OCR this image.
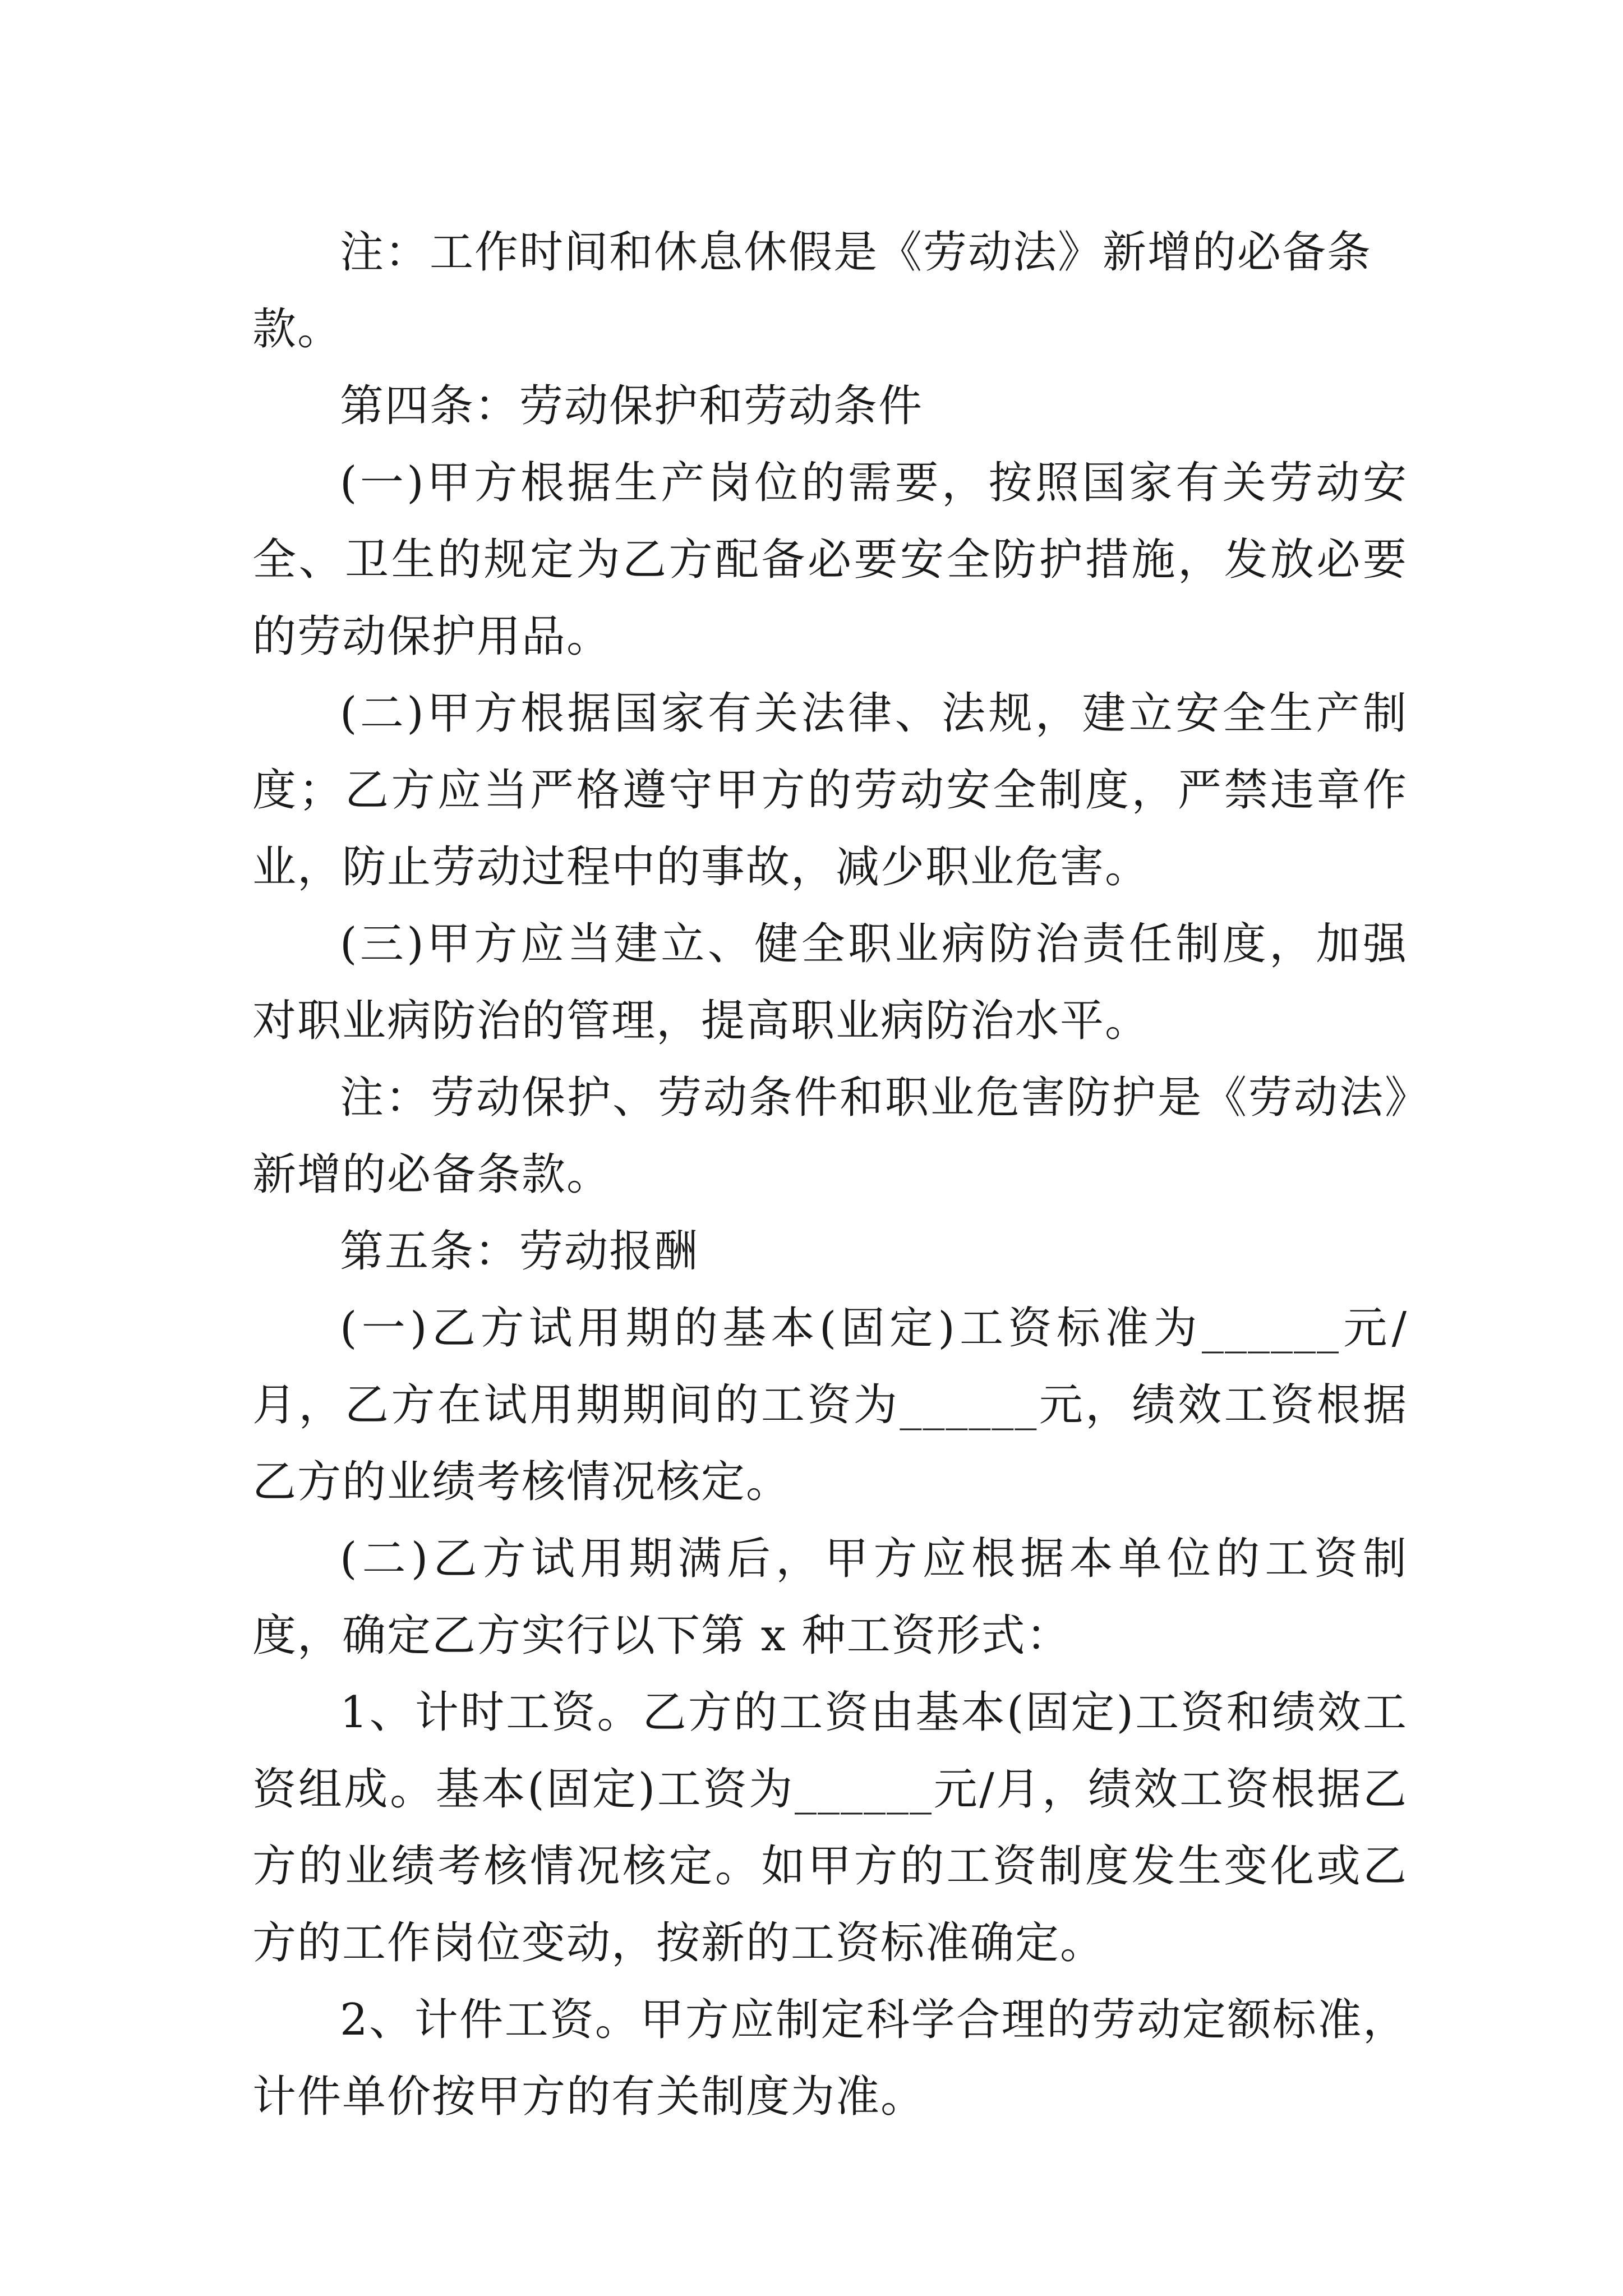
注：工作时间和休息休假是《劳动法》新增的必备条款。

第四条：劳动保护和劳动条件

(一)甲方根据生产岗位的需要，按照国家有关劳动安全、卫生的规定为乙方配备必要安全防护措施，发放必要的劳动保护用品。

(二)甲方根据国家有关法律、法规，建立安全生产制度；乙方应当严格遵守甲方的劳动安全制度，严禁违章作业，防止劳动过程中的事故，减少职业危害。

(三)甲方应当建立、健全职业病防治责任制度，加强对职业病防治的管理，提高职业病防治水平。

注：劳动保护、劳动条件和职业危害防护是《劳动法》新增的必备条款。

第五条：劳动报酬

(一)乙方试用期的基本(固定)工资标准为______元/月，乙方在试用期期间的工资为______元，绩效工资根据乙方的业绩考核情况核定。

(二)乙方试用期满后，甲方应根据本单位的工资制度，确定乙方实行以下第 x 种工资形式：

1、计时工资。乙方的工资由基本(固定)工资和绩效工资组成。基本(固定)工资为______元/月，绩效工资根据乙方的业绩考核情况核定。如甲方的工资制度发生变化或乙方的工作岗位变动，按新的工资标准确定。

2、计件工资。甲方应制定科学合理的劳动定额标准，计件单价按甲方的有关制度为准。
